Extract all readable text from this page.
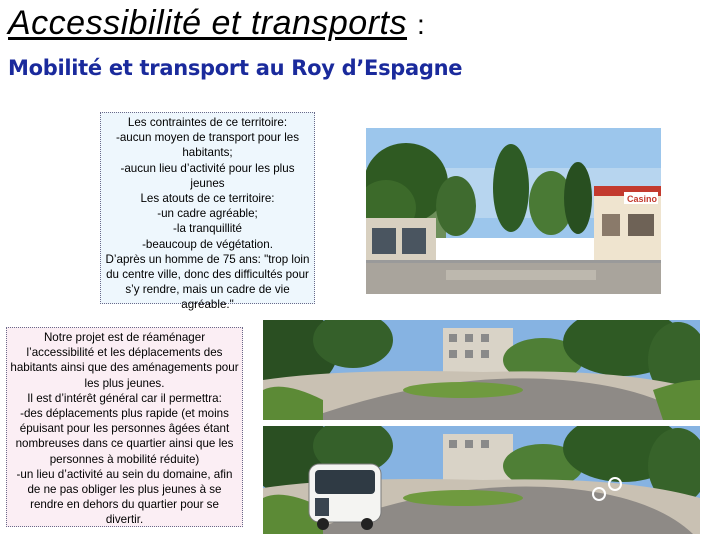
Accessibilité et transports :
Mobilité et transport au Roy d’Espagne
Les contraintes de ce territoire:
-aucun moyen de transport pour les habitants;
-aucun lieu d’activité pour les plus jeunes
Les atouts de ce territoire:
-un cadre agréable;
-la tranquillité
-beaucoup de végétation.
D’après un homme de 75 ans: "trop loin du centre ville, donc des difficultés pour s’y rendre, mais un cadre de vie agréable."
Notre projet est de réaménager l’accessibilité et les déplacements des habitants ainsi que des aménagements pour les plus jeunes.
Il est d’intérêt général car il permettra:
-des déplacements plus rapide (et moins épuisant pour les personnes âgées étant nombreuses dans ce quartier ainsi que les personnes à mobilité réduite)
-un lieu d’activité au sein du domaine, afin de ne pas obliger les plus jeunes à se rendre en dehors du quartier pour se divertir.
Casino
